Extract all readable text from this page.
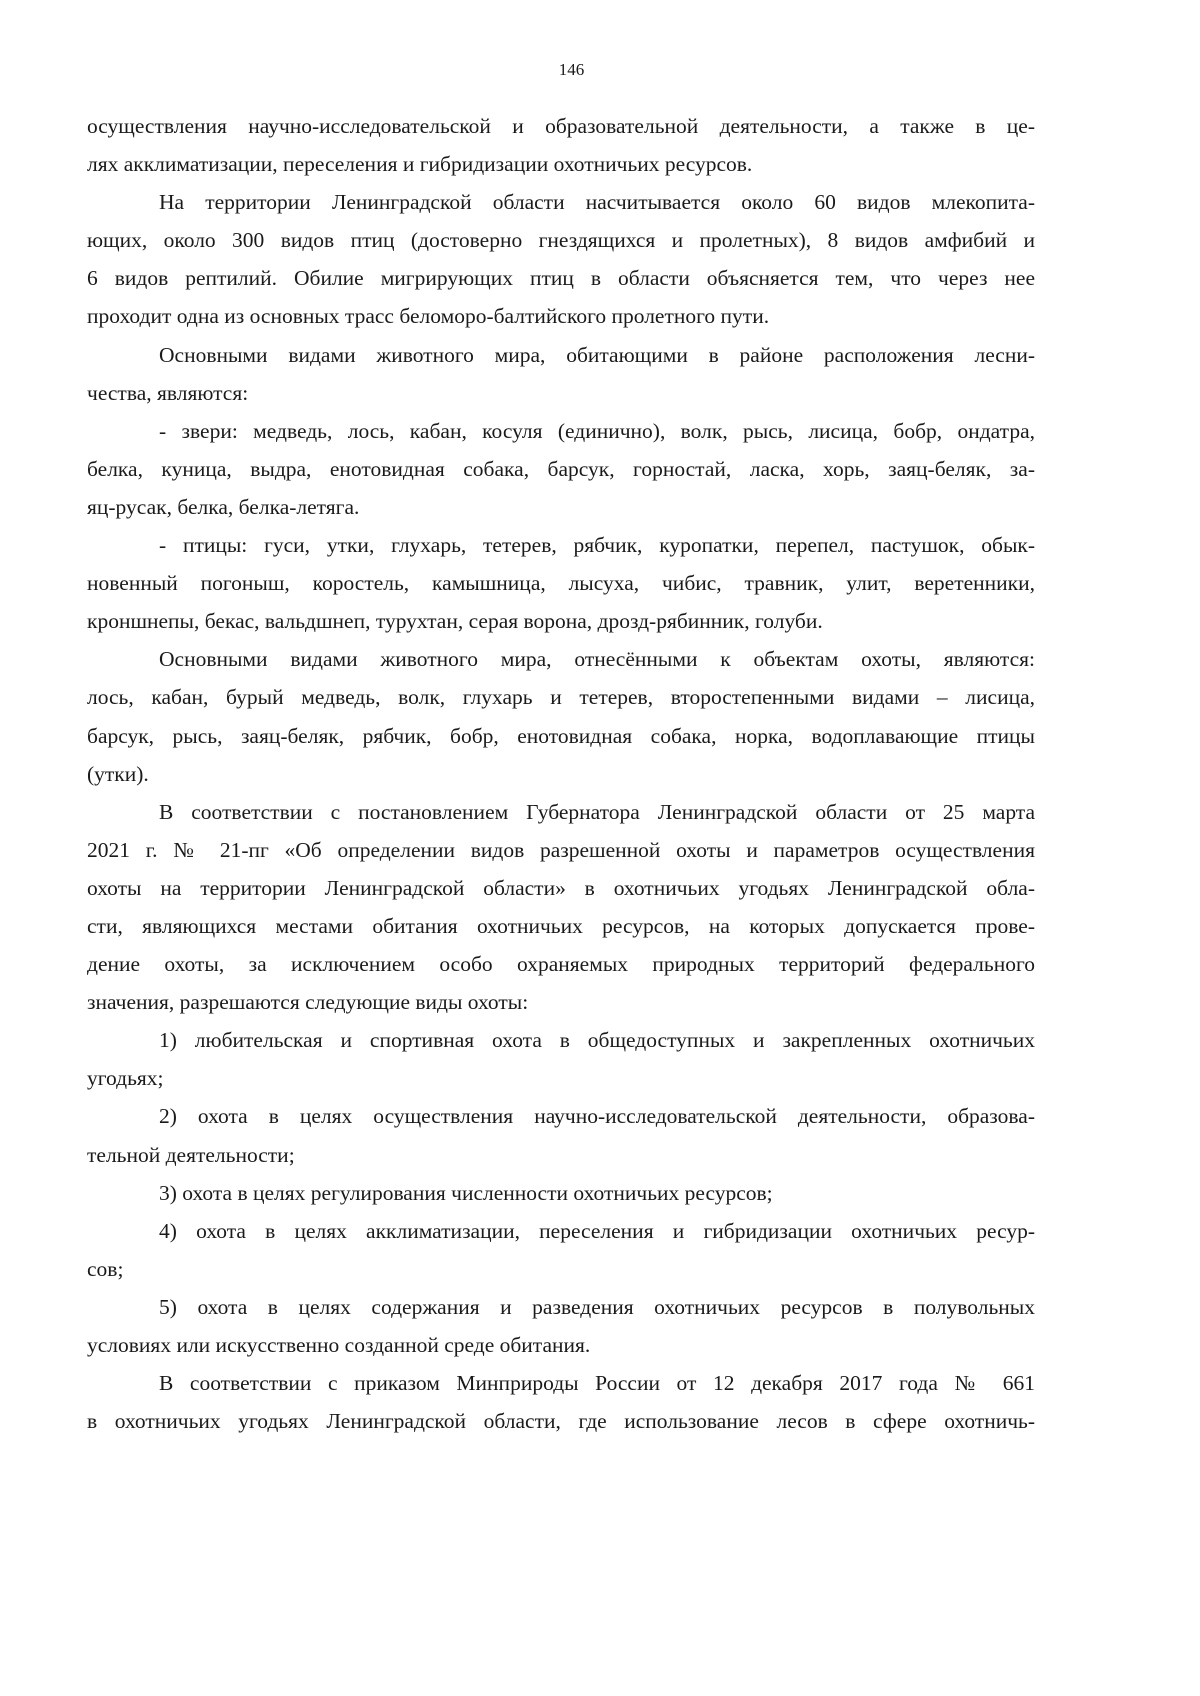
146
осуществления научно-исследовательской и образовательной деятельности, а также в це-
лях акклиматизации, переселения и гибридизации охотничьих ресурсов.
На территории Ленинградской области насчитывается около 60 видов млекопита-
ющих, около 300 видов птиц (достоверно гнездящихся и пролетных), 8 видов амфибий и
6 видов рептилий. Обилие мигрирующих птиц в области объясняется тем, что через нее
проходит одна из основных трасс беломоро-балтийского пролетного пути.
Основными видами животного мира, обитающими в районе расположения лесни-
чества, являются:
- звери: медведь, лось, кабан, косуля (единично), волк, рысь, лисица, бобр, ондатра,
белка, куница, выдра, енотовидная собака, барсук, горностай, ласка, хорь, заяц-беляк, за-
яц-русак, белка, белка-летяга.
- птицы: гуси, утки, глухарь, тетерев, рябчик, куропатки, перепел, пастушок, обык-
новенный погоныш, коростель, камышница, лысуха, чибис, травник, улит, веретенники,
кроншнепы, бекас, вальдшнеп, турухтан, серая ворона, дрозд-рябинник, голуби.
Основными видами животного мира, отнесёнными к объектам охоты, являются:
лось, кабан, бурый медведь, волк, глухарь и тетерев, второстепенными видами – лисица,
барсук, рысь, заяц-беляк, рябчик, бобр, енотовидная собака, норка, водоплавающие птицы
(утки).
В соответствии с постановлением Губернатора Ленинградской области от 25 марта
2021 г. № 21-пг «Об определении видов разрешенной охоты и параметров осуществления
охоты на территории Ленинградской области» в охотничьих угодьях Ленинградской обла-
сти, являющихся местами обитания охотничьих ресурсов, на которых допускается прове-
дение охоты, за исключением особо охраняемых природных территорий федерального
значения, разрешаются следующие виды охоты:
1) любительская и спортивная охота в общедоступных и закрепленных охотничьих
угодьях;
2) охота в целях осуществления научно-исследовательской деятельности, образова-
тельной деятельности;
3) охота в целях регулирования численности охотничьих ресурсов;
4) охота в целях акклиматизации, переселения и гибридизации охотничьих ресур-
сов;
5) охота в целях содержания и разведения охотничьих ресурсов в полувольных
условиях или искусственно созданной среде обитания.
В соответствии с приказом Минприроды России от 12 декабря 2017 года № 661
в охотничьих угодьях Ленинградской области, где использование лесов в сфере охотничь-
